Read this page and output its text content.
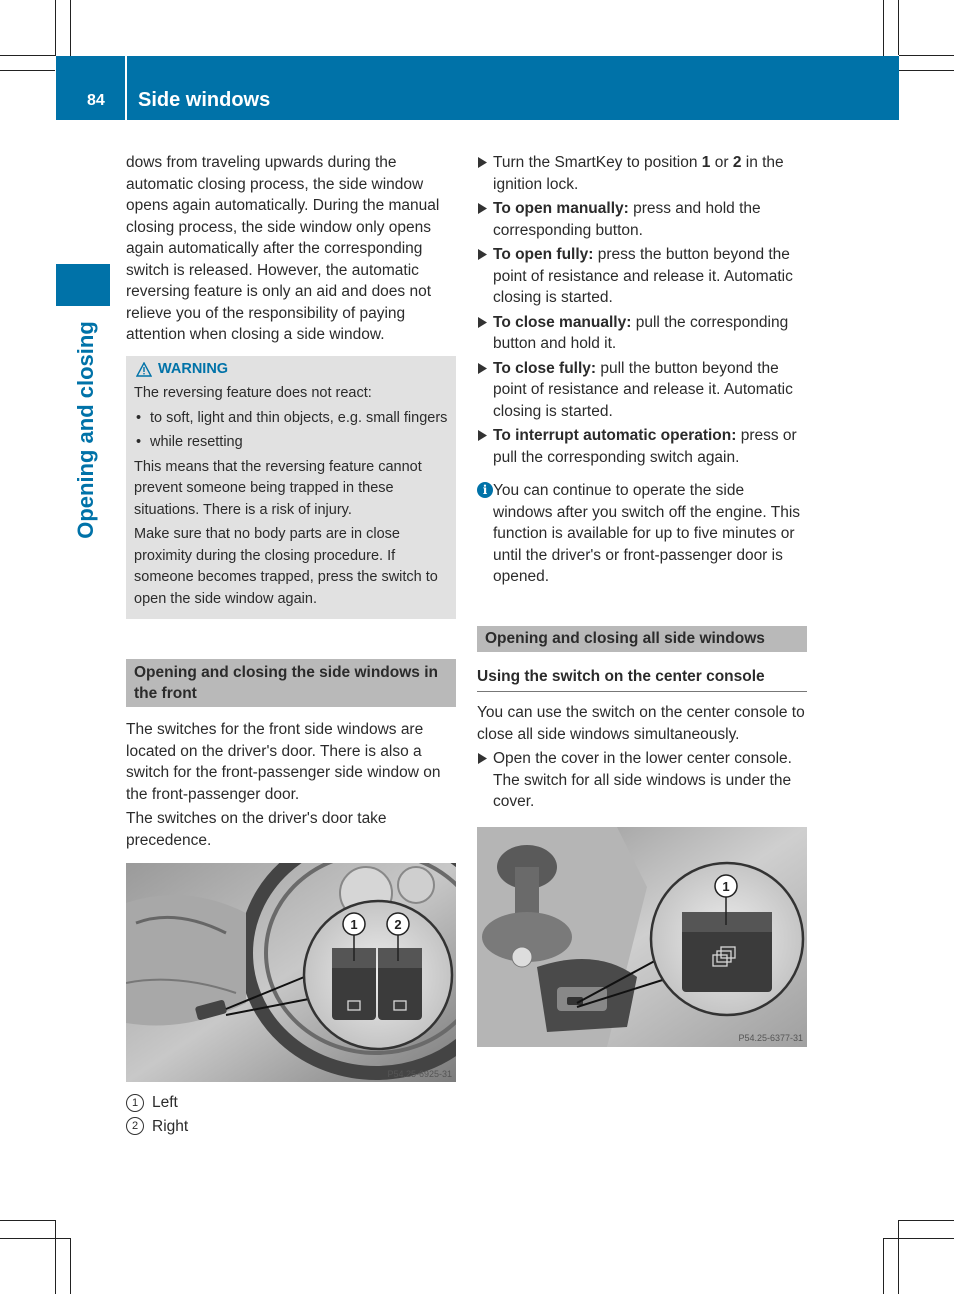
84 Side windows
Opening and closing

dows from traveling upwards during the automatic closing process, the side window opens again automatically. During the manual closing process, the side window only opens again automatically after the corresponding switch is released. However, the automatic reversing feature is only an aid and does not relieve you of the responsibility of paying attention when closing a side window.

WARNING

The reversing feature does not react:

• to soft, light and thin objects, e.g. small fingers
• while resetting

This means that the reversing feature cannot prevent someone being trapped in these situations. There is a risk of injury.

Make sure that no body parts are in close proximity during the closing procedure. If someone becomes trapped, press the switch to open the side window again.

Opening and closing the side windows in the front

The switches for the front side windows are located on the driver's door. There is also a switch for the front-passenger side window on the front-passenger door.

The switches on the driver's door take precedence.

1	2
P54.25-6925-31
1 Left
2 Right
Turn the SmartKey to position 1 or 2 in the ignition lock.
To open manually: press and hold the corresponding button.
To open fully: press the button beyond the point of resistance and release it. Automatic closing is started.
To close manually: pull the corresponding button and hold it.
To close fully: pull the button beyond the point of resistance and release it. Automatic closing is started.
To interrupt automatic operation: press or pull the corresponding switch again.
i You can continue to operate the side windows after you switch off the engine. This function is available for up to five minutes or until the driver's or front-passenger door is opened.
Opening and closing all side windows
Using the switch on the center console

You can use the switch on the center console to close all side windows simultaneously.

Open the cover in the lower center console. The switch for all side windows is under the cover.
1
P54.25-6377-31
